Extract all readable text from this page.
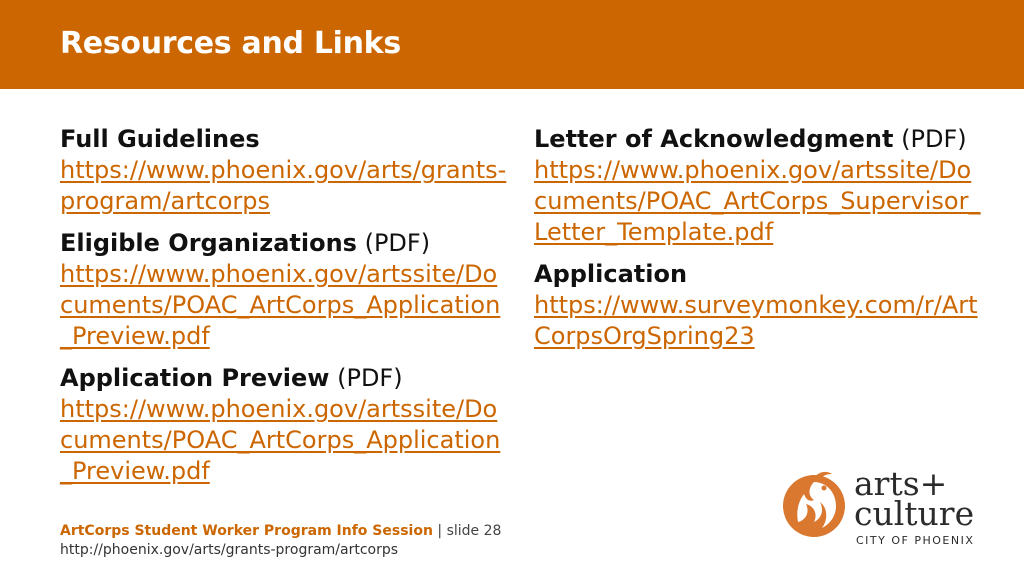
Resources and Links
Full Guidelines
https://www.phoenix.gov/arts/grants-program/artcorps
Eligible Organizations (PDF)
https://www.phoenix.gov/artssite/Documents/POAC_ArtCorps_Application_Preview.pdf
Application Preview (PDF)
https://www.phoenix.gov/artssite/Documents/POAC_ArtCorps_Application_Preview.pdf
Letter of Acknowledgment (PDF)
https://www.phoenix.gov/artssite/Documents/POAC_ArtCorps_Supervisor_Letter_Template.pdf
Application
https://www.surveymonkey.com/r/ArtCorpsOrgSpring23
ArtCorps Student Worker Program Info Session | slide 28
http://phoenix.gov/arts/grants-program/artcorps
arts+
culture
CITY OF PHOENIX
